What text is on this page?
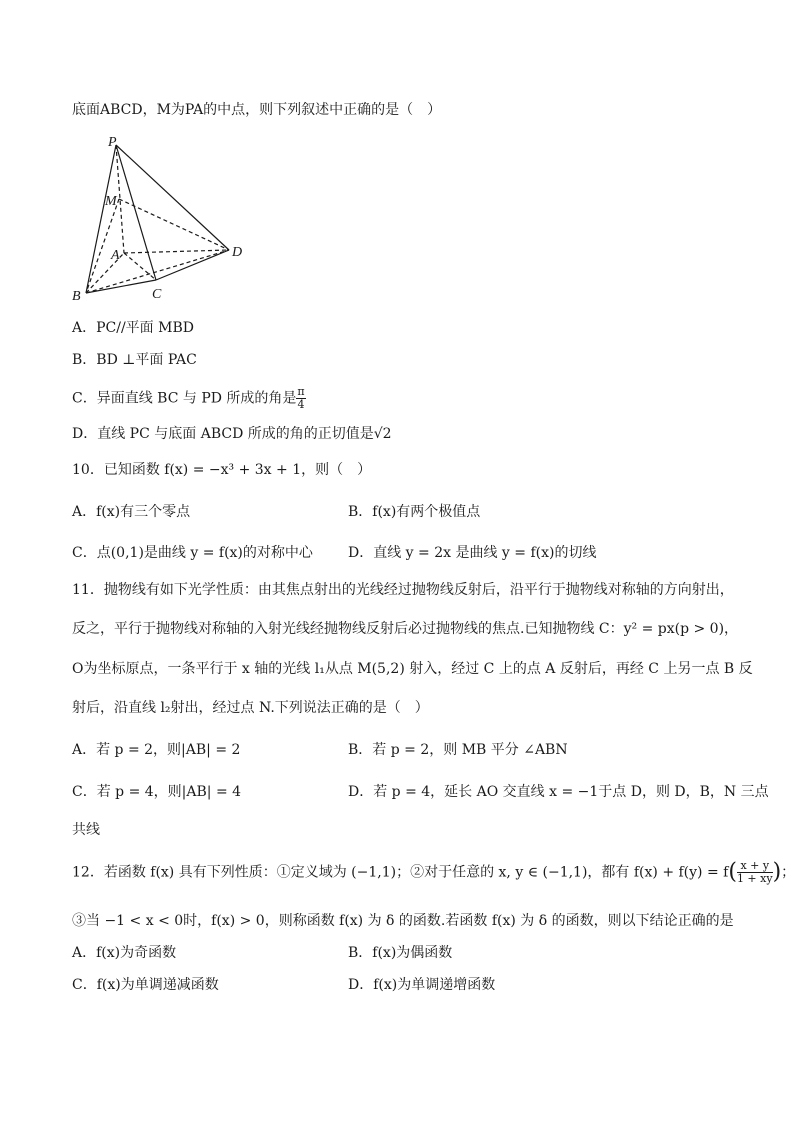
底面ABCD，M为PA的中点，则下列叙述中正确的是（　）
P
M
A
B	C
D
A．PC//平面 MBD
B．BD ⊥平面 PAC
C．异面直线 BC 与 PD 所成的角是 $\frac{\pi}{4}$
D．直线 PC 与底面 ABCD 所成的角的正切值是√2
10．已知函数 f(x) = −x³ + 3x + 1，则（　）
A．f(x)有三个零点	B．f(x)有两个极值点
C．点(0,1)是曲线 y = f(x)的对称中心	D．直线 y = 2x 是曲线 y = f(x)的切线
11．抛物线有如下光学性质：由其焦点射出的光线经过抛物线反射后，沿平行于抛物线对称轴的方向射出，
反之，平行于抛物线对称轴的入射光线经抛物线反射后必过抛物线的焦点.已知抛物线 C：y² = px(p > 0)，
O为坐标原点，一条平行于 x 轴的光线 l₁从点 M(5,2) 射入，经过 C 上的点 A 反射后，再经 C 上另一点 B 反
射后，沿直线 l₂射出，经过点 N.下列说法正确的是（　）
A．若 p = 2，则|AB| = 2	B．若 p = 2，则 MB 平分 ∠ABN
C．若 p = 4，则|AB| = 4	D．若 p = 4，延长 AO 交直线 x = −1于点 D，则 D，B，N 三点
共线
12．若函数 f(x) 具有下列性质：①定义域为 (−1,1)；②对于任意的 x, y ∈ (−1,1)，都有 $f(x) + f(y) = f( \frac{x + y}{1 + xy}$ )；
③当 −1 < x < 0时，f(x) > 0，则称函数 f(x) 为 δ 的函数.若函数 f(x) 为 δ 的函数，则以下结论正确的是
A．f(x)为奇函数	B．f(x)为偶函数
C．f(x)为单调递减函数	D．f(x)为单调递增函数
